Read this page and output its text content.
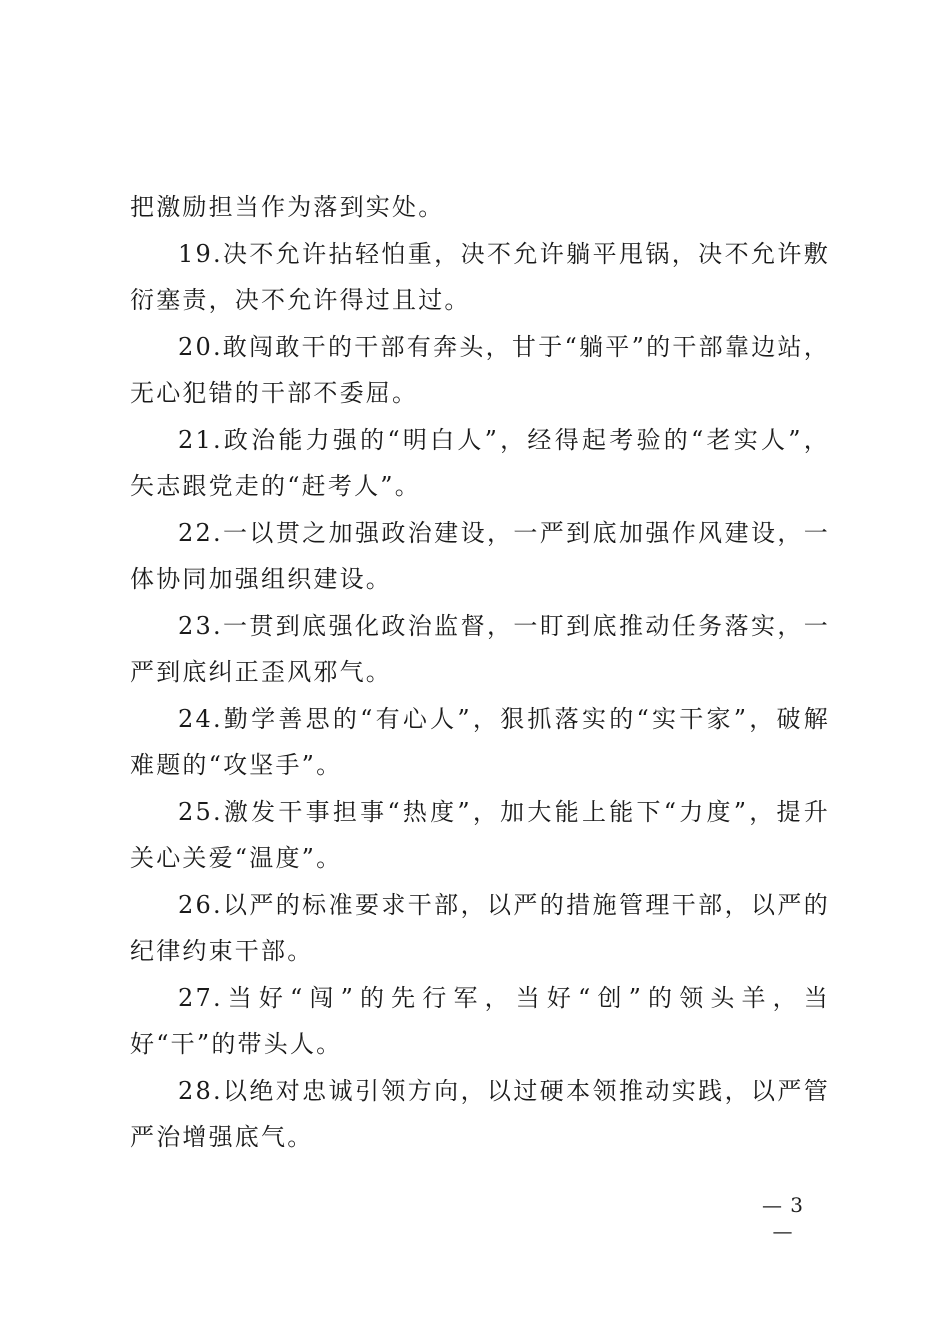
把激励担当作为落到实处。

19.决不允许拈轻怕重，决不允许躺平甩锅，决不允许敷衍塞责，决不允许得过且过。

20.敢闯敢干的干部有奔头，甘于“躺平”的干部靠边站，无心犯错的干部不委屈。

21.政治能力强的“明白人”，经得起考验的“老实人”，矢志跟党走的“赶考人”。

22.一以贯之加强政治建设，一严到底加强作风建设，一体协同加强组织建设。

23.一贯到底强化政治监督，一盯到底推动任务落实，一严到底纠正歪风邪气。

24.勤学善思的“有心人”，狠抓落实的“实干家”，破解难题的“攻坚手”。

25.激发干事担事“热度”，加大能上能下“力度”，提升关心关爱“温度”。

26.以严的标准要求干部，以严的措施管理干部，以严的纪律约束干部。

27.当好“闯”的先行军，当好“创”的领头羊，当好“干”的带头人。

28.以绝对忠诚引领方向，以过硬本领推动实践，以严管严治增强底气。

— 3 —
